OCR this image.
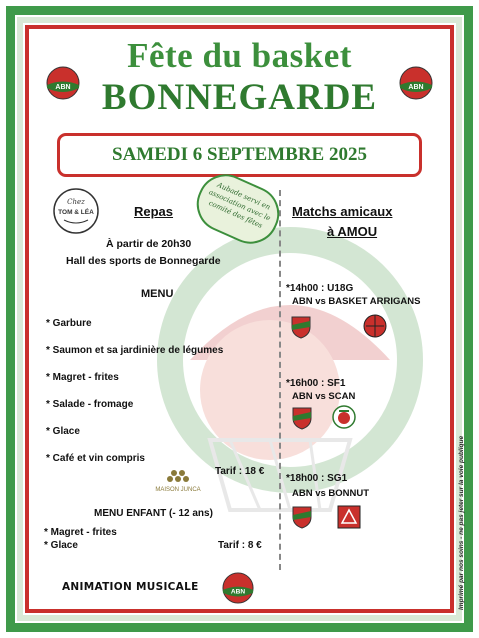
Fête du basket
BONNEGARDE
ABN	ABN
SAMEDI 6 SEPTEMBRE 2025
Chez
TOM & LÉA	Repas	Aubade servi en association avec le comité des fêtes
À partir de 20h30
Hall des sports de Bonnegarde
MENU
* Garbure
* Saumon et sa jardinière de légumes
* Magret - frites
* Salade - fromage
* Glace
* Café et vin compris
MAISON JUNCA
Tarif : 18 €
MENU ENFANT (- 12 ans)
* Magret - frites
* Glace	Tarif : 8 €
ANIMATION MUSICALE	ABN
Matchs amicaux
à AMOU
*14h00 : U18G
ABN vs BASKET ARRIGANS
*16h00 : SF1
ABN vs SCAN
*18h00 : SG1
ABN vs BONNUT	Imprimé par nos soins - ne pas jeter sur la voie publique
